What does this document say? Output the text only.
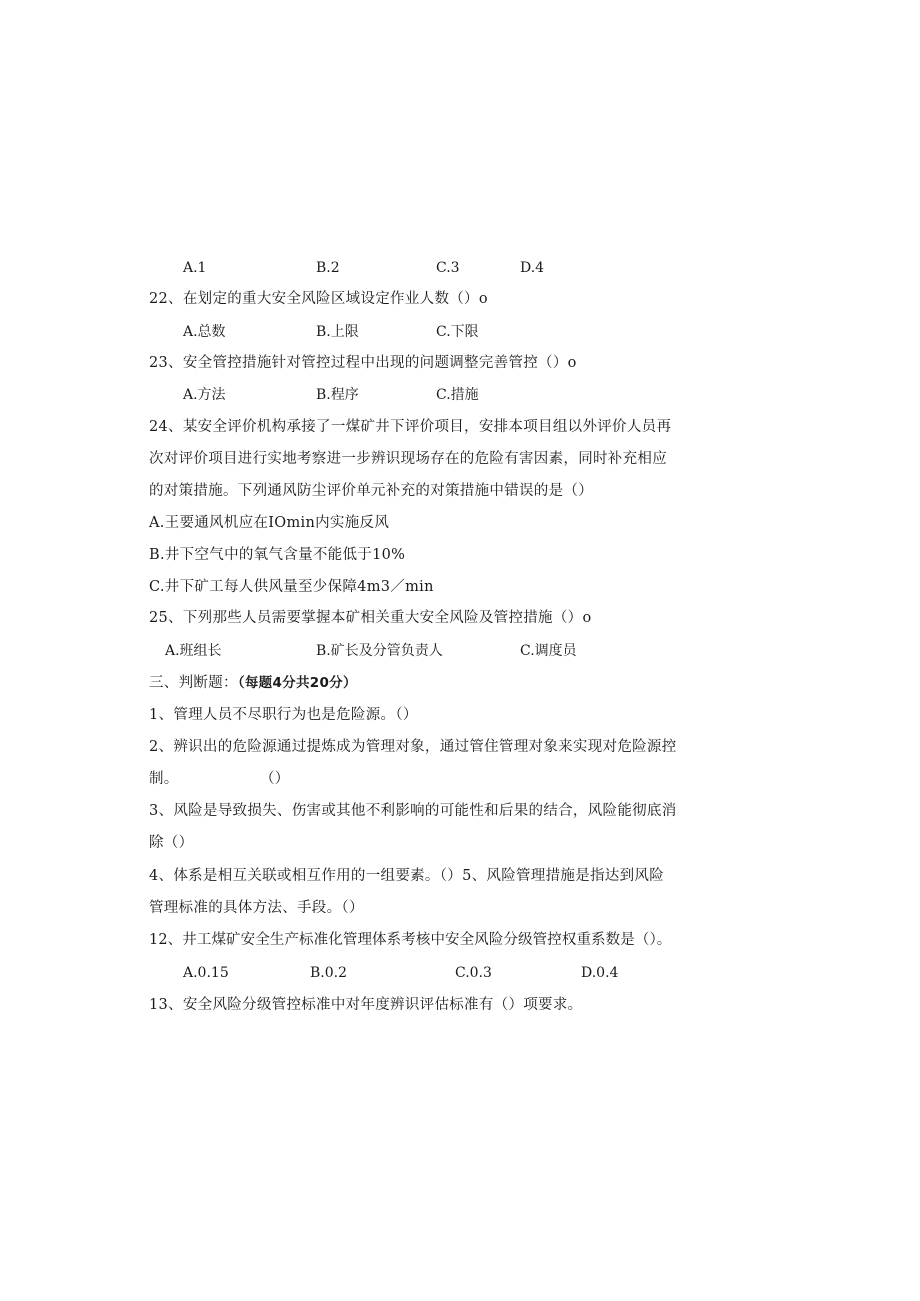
A.1	B.2	C.3	D.4
22、在划定的重大安全风险区域设定作业人数（）o
A.总数	B.上限	C.下限
23、安全管控措施针对管控过程中出现的问题调整完善管控（）o
A.方法	B.程序	C.措施
24、某安全评价机构承接了一煤矿井下评价项目，安排本项目组以外评价人员再
次对评价项目进行实地考察进一步辨识现场存在的危险有害因素，同时补充相应
的对策措施。下列通风防尘评价单元补充的对策措施中错误的是（）
A.王要通风机应在IOmin内实施反风
B.井下空气中的氧气含量不能低于10%
C.井下矿工每人供风量至少保障4m3／min
25、下列那些人员需要掌握本矿相关重大安全风险及管控措施（）o
A.班组长	B.矿长及分管负责人	C.调度员
三、判断题：（每题4分共20分）
1、管理人员不尽职行为也是危险源。（）
2、辨识出的危险源通过提炼成为管理对象，通过管住管理对象来实现对危险源控
制。	（）
3、风险是导致损失、伤害或其他不利影响的可能性和后果的结合，风险能彻底消
除（）
4、体系是相互关联或相互作用的一组要素。（）5、风险管理措施是指达到风险
管理标准的具体方法、手段。（）
12、井工煤矿安全生产标准化管理体系考核中安全风险分级管控权重系数是（）。
A.0.15	B.0.2	C.0.3	D.0.4
13、安全风险分级管控标准中对年度辨识评估标准有（）项要求。
